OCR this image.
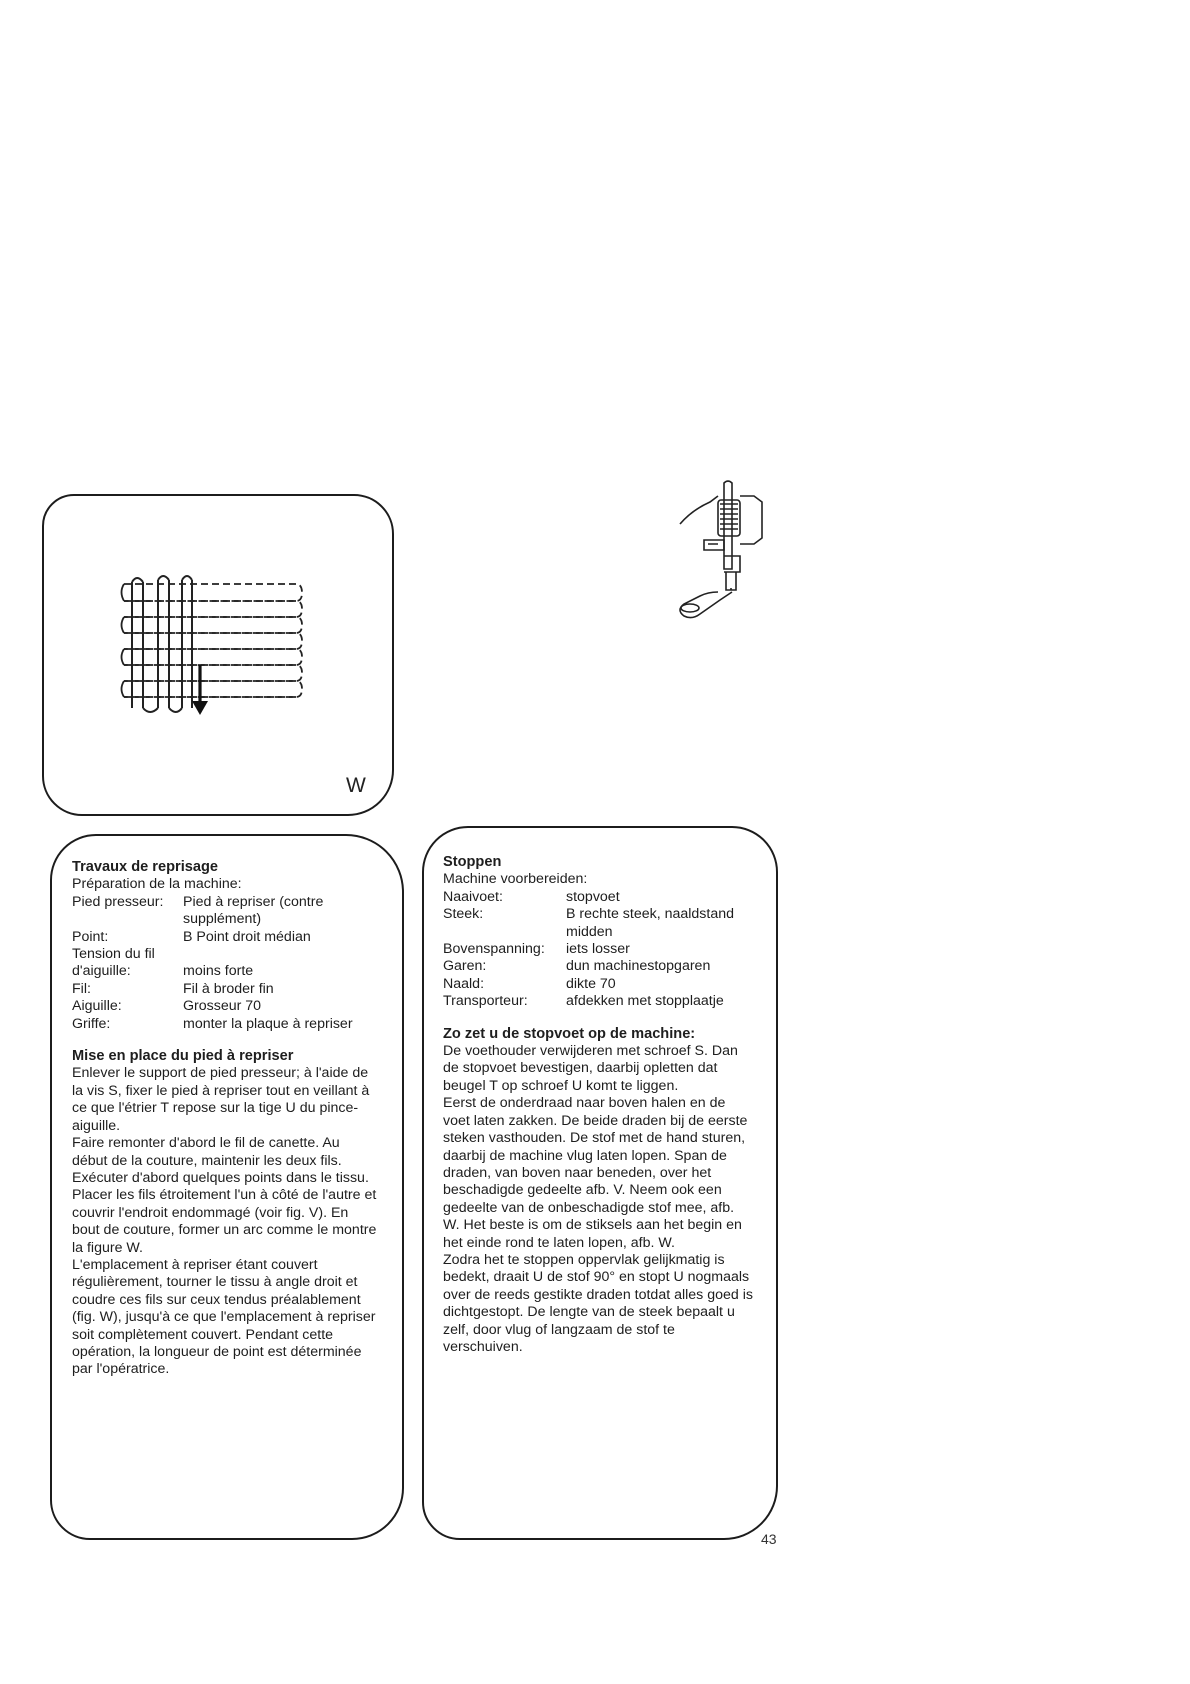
W
Travaux de reprisage
Préparation de la machine:
Pied presseur:	Pied à repriser (contre supplément)
Point:	B Point droit médian
Tension du fil d'aiguille:	moins forte
Fil:	Fil à broder fin
Aiguille:	Grosseur 70
Griffe:	monter la plaque à repriser
Mise en place du pied à repriser
Enlever le support de pied presseur; à l'aide de la vis S, fixer le pied à repriser tout en veillant à ce que l'étrier T repose sur la tige U du pince-aiguille.
Faire remonter d'abord le fil de canette. Au début de la couture, maintenir les deux fils. Exécuter d'abord quelques points dans le tissu. Placer les fils étroitement l'un à côté de l'autre et couvrir l'endroit endommagé (voir fig. V). En bout de couture, former un arc comme le montre la figure W.
L'emplacement à repriser étant couvert régulièrement, tourner le tissu à angle droit et coudre ces fils sur ceux tendus préalablement (fig. W), jusqu'à ce que l'emplacement à repriser soit complètement couvert. Pendant cette opération, la longueur de point est déterminée par l'opératrice.
Stoppen
Machine voorbereiden:
Naaivoet:	stopvoet
Steek:	B rechte steek, naaldstand midden
Bovenspanning:	iets losser
Garen:	dun machinestopgaren
Naald:	dikte 70
Transporteur:	afdekken met stopplaatje
Zo zet u de stopvoet op de machine:
De voethouder verwijderen met schroef S. Dan de stopvoet bevestigen, daarbij opletten dat beugel T op schroef U komt te liggen.
Eerst de onderdraad naar boven halen en de voet laten zakken. De beide draden bij de eerste steken vasthouden. De stof met de hand sturen, daarbij de machine vlug laten lopen. Span de draden, van boven naar beneden, over het beschadigde gedeelte afb. V. Neem ook een gedeelte van de onbeschadigde stof mee, afb. W. Het beste is om de stiksels aan het begin en het einde rond te laten lopen, afb. W.
Zodra het te stoppen oppervlak gelijkmatig is bedekt, draait U de stof 90° en stopt U nogmaals over de reeds gestikte draden totdat alles goed is dichtgestopt. De lengte van de steek bepaalt u zelf, door vlug of langzaam de stof te verschuiven.
43
